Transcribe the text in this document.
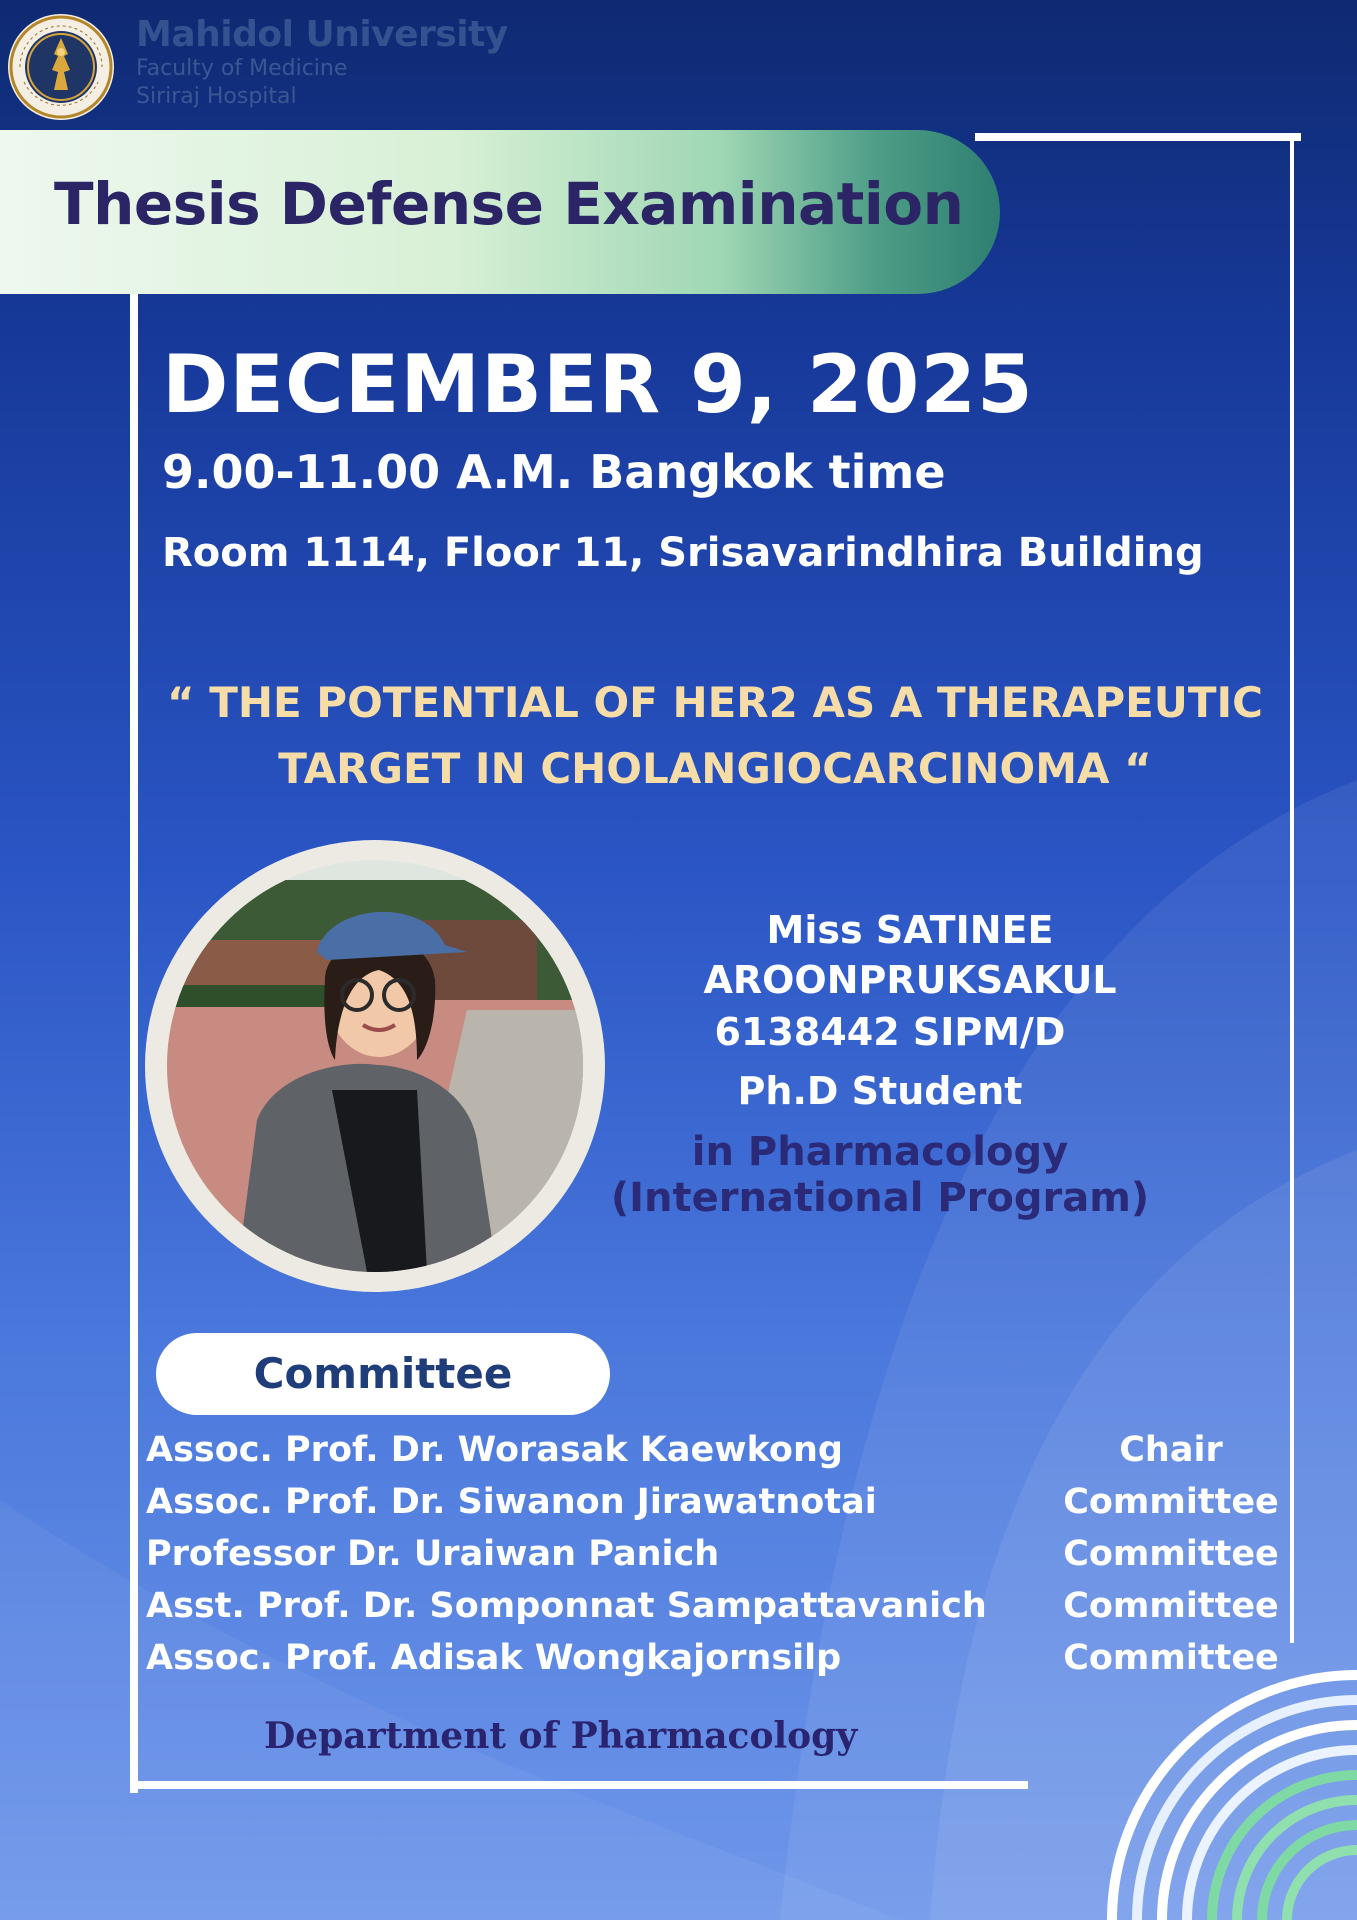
Mahidol University
Faculty of Medicine
Siriraj Hospital
Thesis Defense Examination
DECEMBER 9, 2025
9.00-11.00 A.M. Bangkok time
Room 1114, Floor 11, Srisavarindhira Building
“ THE POTENTIAL OF HER2 AS A THERAPEUTIC
TARGET IN CHOLANGIOCARCINOMA “
Miss SATINEE AROONPRUKSAKUL
6138442 SIPM/D
Ph.D Student
in Pharmacology
(International Program)
Committee
Assoc. Prof. Dr. Worasak Kaewkong	Chair
Assoc. Prof. Dr. Siwanon Jirawatnotai	Committee
Professor Dr. Uraiwan Panich	Committee
Asst. Prof. Dr. Somponnat Sampattavanich Committee
Assoc. Prof. Adisak Wongkajornsilp	Committee
Department of Pharmacology
